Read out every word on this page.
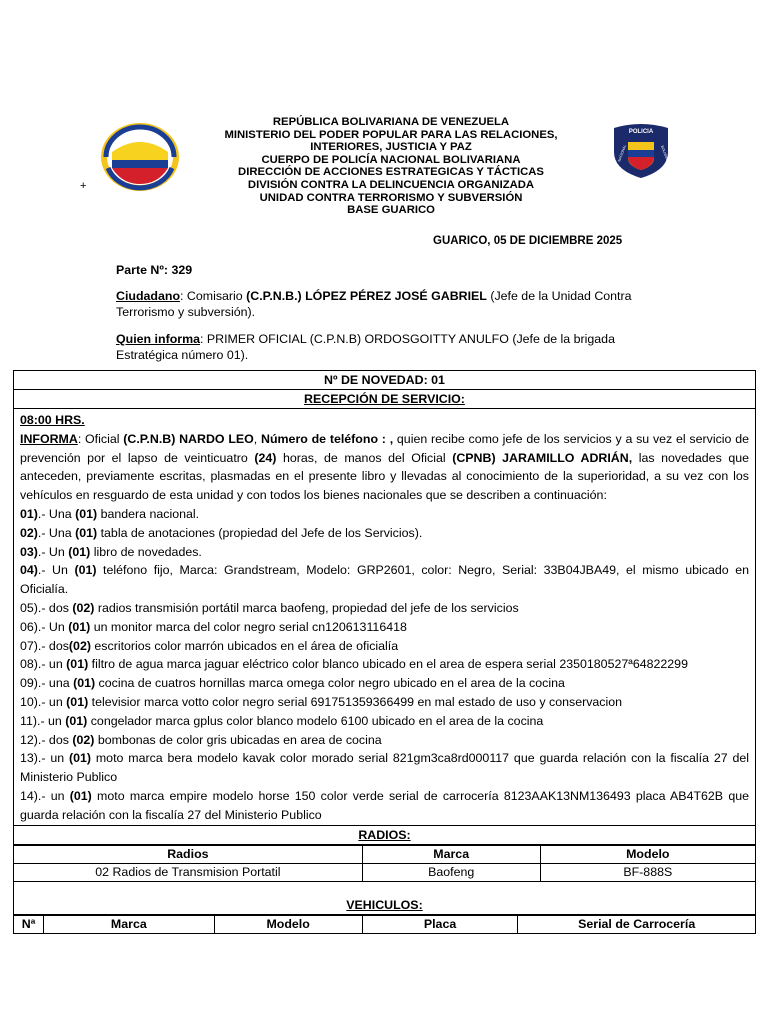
+
POLICIA
NACIONAL	BOLIVARIANA
REPÚBLICA BOLIVARIANA DE VENEZUELA
MINISTERIO DEL PODER POPULAR PARA LAS RELACIONES,
INTERIORES, JUSTICIA Y PAZ
CUERPO DE POLICÍA NACIONAL BOLIVARIANA
DIRECCIÓN DE ACCIONES ESTRATEGICAS Y TÁCTICAS
DIVISIÓN CONTRA LA DELINCUENCIA ORGANIZADA
UNIDAD CONTRA TERRORISMO Y SUBVERSIÓN
BASE GUARICO
GUARICO, 05 DE DICIEMBRE 2025
Parte Nº: 329
Ciudadano: Comisario (C.P.N.B.) LÓPEZ PÉREZ JOSÉ GABRIEL (Jefe de la Unidad Contra Terrorismo y subversión).
Quien informa: PRIMER OFICIAL (C.P.N.B) ORDOSGOITTY ANULFO (Jefe de la brigada Estratégica número 01).
Nº DE NOVEDAD: 01
RECEPCIÓN DE SERVICIO:

08:00 HRS.

INFORMA: Oficial (C.P.N.B) NARDO LEO, Número de teléfono : , quien recibe como jefe de los servicios y a su vez el servicio de prevención por el lapso de veinticuatro (24) horas, de manos del Oficial (CPNB) JARAMILLO ADRIÁN, las novedades que anteceden, previamente escritas, plasmadas en el presente libro y llevadas al conocimiento de la superioridad, a su vez con los vehículos en resguardo de esta unidad y con todos los bienes nacionales que se describen a continuación:

01).- Una (01) bandera nacional.

02).- Una (01) tabla de anotaciones (propiedad del Jefe de los Servicios).

03).- Un (01) libro de novedades.

04).- Un (01) teléfono fijo, Marca: Grandstream, Modelo: GRP2601, color: Negro, Serial: 33B04JBA49, el mismo ubicado en Oficialía.

05).- dos (02) radios transmisión portátil marca baofeng, propiedad del jefe de los servicios

06).- Un (01) un monitor marca del color negro serial cn120613116418

07).- dos(02) escritorios color marrón ubicados en el área de oficialía

08).- un (01) filtro de agua marca jaguar eléctrico color blanco ubicado en el area de espera serial 2350180527ª64822299

09).- una (01) cocina de cuatros hornillas marca omega color negro ubicado en el area de la cocina

10).- un (01) televisior marca votto color negro serial 691751359366499 en mal estado de uso y conservacion

11).- un (01) congelador marca gplus color blanco modelo 6100 ubicado en el area de la cocina

12).- dos (02) bombonas de color gris ubicadas en area de cocina

13).- un (01) moto marca bera modelo kavak color morado serial 821gm3ca8rd000117 que guarda relación con la fiscalía 27 del Ministerio Publico

14).- un (01) moto marca empire modelo horse 150 color verde serial de carrocería 8123AAK13NM136493 placa AB4T62B que guarda relación con la fiscalía 27 del Ministerio Publico

RADIOS:
Radios	Marca	Modelo
02 Radios de Transmision Portatil	Baofeng	BF-888S
VEHICULOS:
Nª	Marca	Modelo	Placa	Serial de Carrocería
